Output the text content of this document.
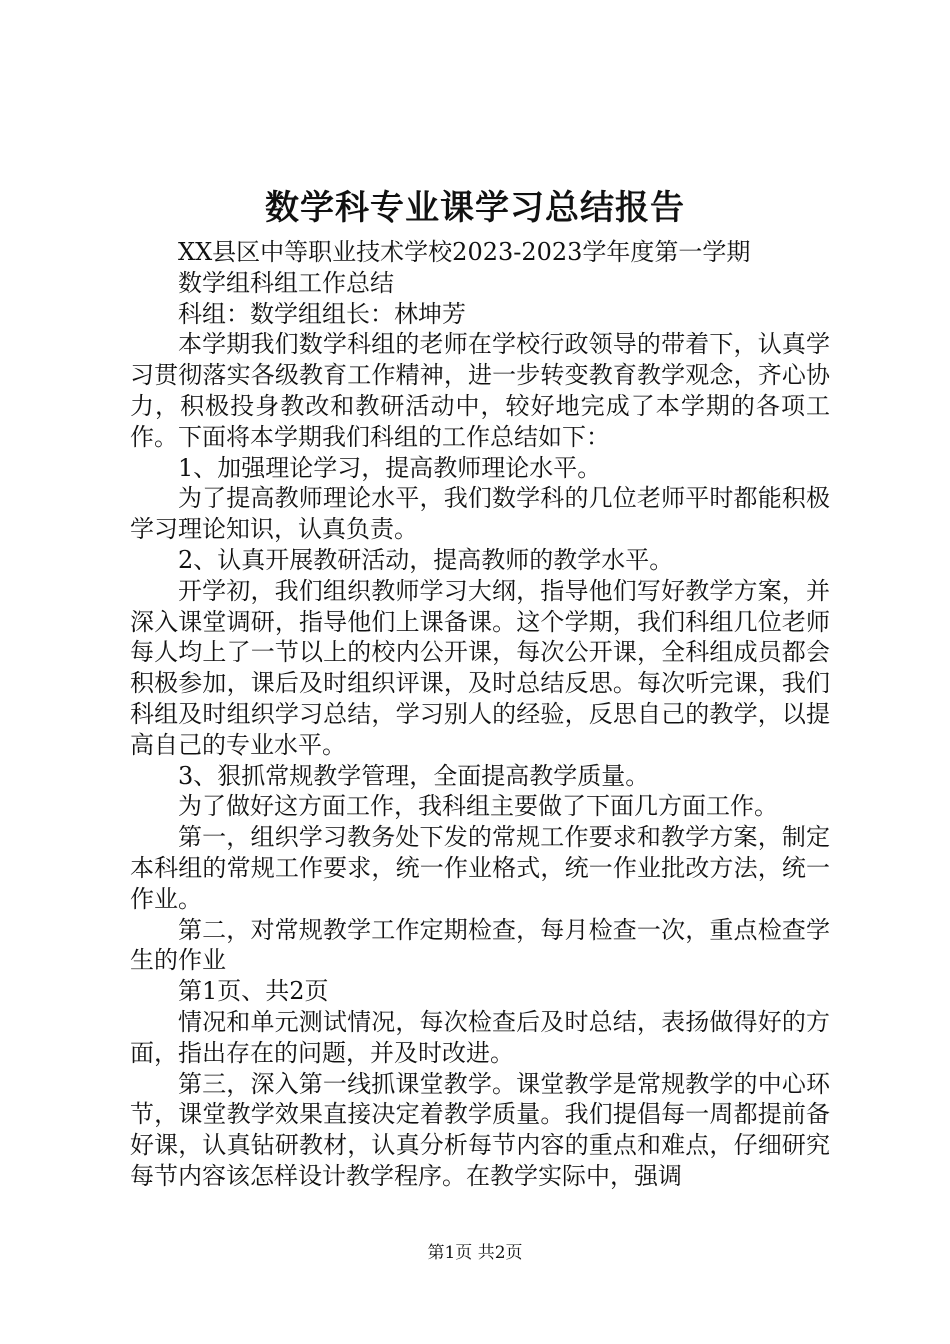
数学科专业课学习总结报告

XX县区中等职业技术学校2023-2023学年度第一学期

数学组科组工作总结

科组：数学组组长：林坤芳

本学期我们数学科组的老师在学校行政领导的带着下，认真学习贯彻落实各级教育工作精神，进一步转变教育教学观念，齐心协力，积极投身教改和教研活动中，较好地完成了本学期的各项工作。下面将本学期我们科组的工作总结如下：

1、加强理论学习，提高教师理论水平。

为了提高教师理论水平，我们数学科的几位老师平时都能积极学习理论知识，认真负责。

2、认真开展教研活动，提高教师的教学水平。

开学初，我们组织教师学习大纲，指导他们写好教学方案，并深入课堂调研，指导他们上课备课。这个学期，我们科组几位老师每人均上了一节以上的校内公开课，每次公开课，全科组成员都会积极参加，课后及时组织评课，及时总结反思。每次听完课，我们科组及时组织学习总结，学习别人的经验，反思自己的教学，以提高自己的专业水平。

3、狠抓常规教学管理，全面提高教学质量。

为了做好这方面工作，我科组主要做了下面几方面工作。

第一，组织学习教务处下发的常规工作要求和教学方案，制定本科组的常规工作要求，统一作业格式，统一作业批改方法，统一作业。

第二，对常规教学工作定期检查，每月检查一次，重点检查学生的作业

第1页、共2页

情况和单元测试情况，每次检查后及时总结，表扬做得好的方面，指出存在的问题，并及时改进。

第三，深入第一线抓课堂教学。课堂教学是常规教学的中心环节，课堂教学效果直接决定着教学质量。我们提倡每一周都提前备好课，认真钻研教材，认真分析每节内容的重点和难点，仔细研究每节内容该怎样设计教学程序。在教学实际中，强调

第1页 共2页
